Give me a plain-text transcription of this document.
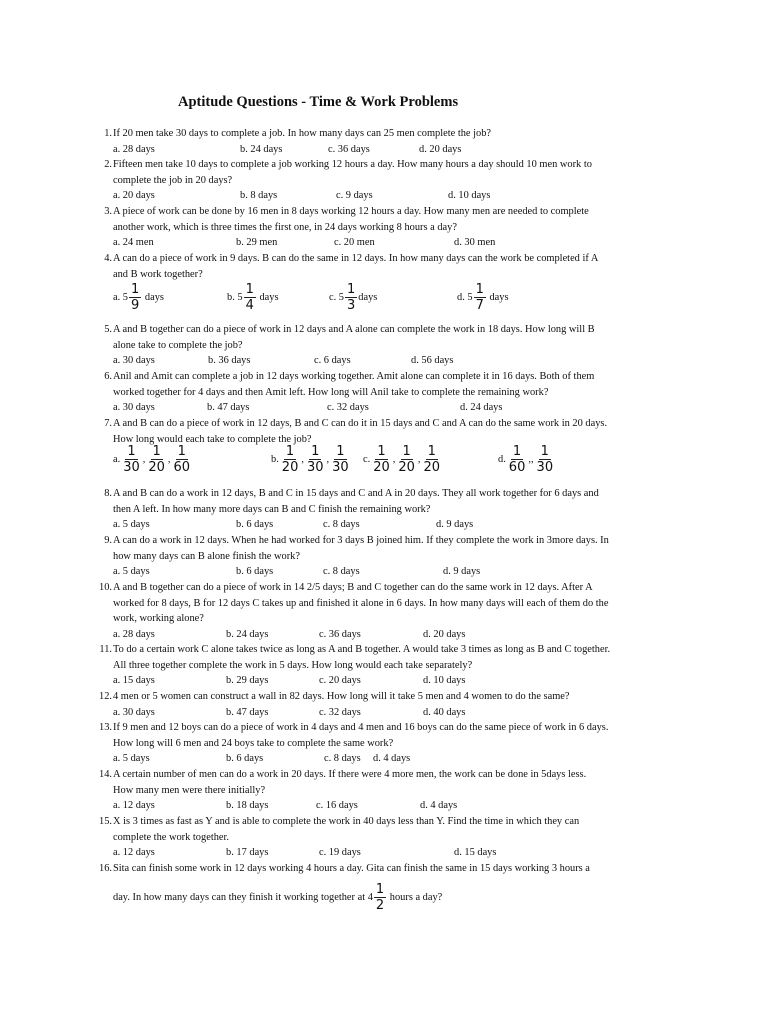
Aptitude Questions - Time & Work Problems
1. If 20 men take 30 days to complete a job. In how many days can 25 men complete the job?
a. 28 days	b. 24 days	c. 36 days	d. 20 days
2. Fifteen men take 10 days to complete a job working 12 hours a day. How many hours a day should 10 men work to
complete the job in 20 days?
a. 20 days	b. 8 days	c. 9 days	d. 10 days
3. A piece of work can be done by 16 men in 8 days working 12 hours a day. How many men are needed to complete
another work, which is three times the first one, in 24 days working 8 hours a day?
a. 24 men	b. 29 men	c. 20 men	d. 30 men
4. A can do a piece of work in 9 days. B can do the same in 12 days. In how many days can the work be completed if A
and B work together?
a. $5 \frac{1}{9}$ days	b. $5 \frac{1}{4}$ days	c. $5 \frac{1}{3}$ days	d. $5 \frac{1}{7}$ days
5. A and B together can do a piece of work in 12 days and A alone can complete the work in 18 days. How long will B
alone take to complete the job?
a. 30 days	b. 36 days	c. 6 days	d. 56 days
6. Anil and Amit can complete a job in 12 days working together. Amit alone can complete it in 16 days. Both of them
worked together for 4 days and then Amit left. How long will Anil take to complete the remaining work?
a. 30 days	b. 47 days	c. 32 days	d. 24 days
7. A and B can do a piece of work in 12 days, B and C can do it in 15 days and C and A can do the same work in 20 days.
How long would each take to complete the job?
a. $\frac{1}{30}$ , $\frac{1}{20}$ , $\frac{1}{60}$	b. $\frac{1}{20}$ , $\frac{1}{30}$ , $\frac{1}{30} c$. $\frac{1}{20}$ , $\frac{1}{20}$ , $\frac{1}{20}$	d. $\frac{1}{60}$ ,, $\frac{1}{30}$
8. A and B can do a work in 12 days, B and C in 15 days and C and A in 20 days. They all work together for 6 days and
then A left. In how many more days can B and C finish the remaining work?
a. 5 days	b. 6 days	c. 8 days	d. 9 days
9. A can do a work in 12 days. When he had worked for 3 days B joined him. If they complete the work in 3more days. In
how many days can B alone finish the work?
a. 5 days	b. 6 days	c. 8 days	d. 9 days
10. A and B together can do a piece of work in 14 2/5 days; B and C together can do the same work in 12 days. After A
worked for 8 days, B for 12 days C takes up and finished it alone in 6 days. In how many days will each of them do the
work, working alone?
a. 28 days	b. 24 days	c. 36 days	d. 20 days
11. To do a certain work C alone takes twice as long as A and B together. A would take 3 times as long as B and C together.
All three together complete the work in 5 days. How long would each take separately?
a. 15 days	b. 29 days	c. 20 days	d. 10 days
12. 4 men or 5 women can construct a wall in 82 days. How long will it take 5 men and 4 women to do the same?
a. 30 days	b. 47 days	c. 32 days	d. 40 days
13. If 9 men and 12 boys can do a piece of work in 4 days and 4 men and 16 boys can do the same piece of work in 6 days.
How long will 6 men and 24 boys take to complete the same work?
a. 5 days	b. 6 days	c. 8 days d. 4 days
14. A certain number of men can do a work in 20 days. If there were 4 more men, the work can be done in 5days less.
How many men were there initially?
a. 12 days	b. 18 days	c. 16 days	d. 4 days
15. X is 3 times as fast as Y and is able to complete the work in 40 days less than Y. Find the time in which they can
complete the work together.
a. 12 days	b. 17 days	c. 19 days	d. 15 days
16. Sita can finish some work in 12 days working 4 hours a day. Gita can finish the same in 15 days working 3 hours a
day. In how many days can they finish it working together at $4 \frac{1}{2}$ hours a day?
